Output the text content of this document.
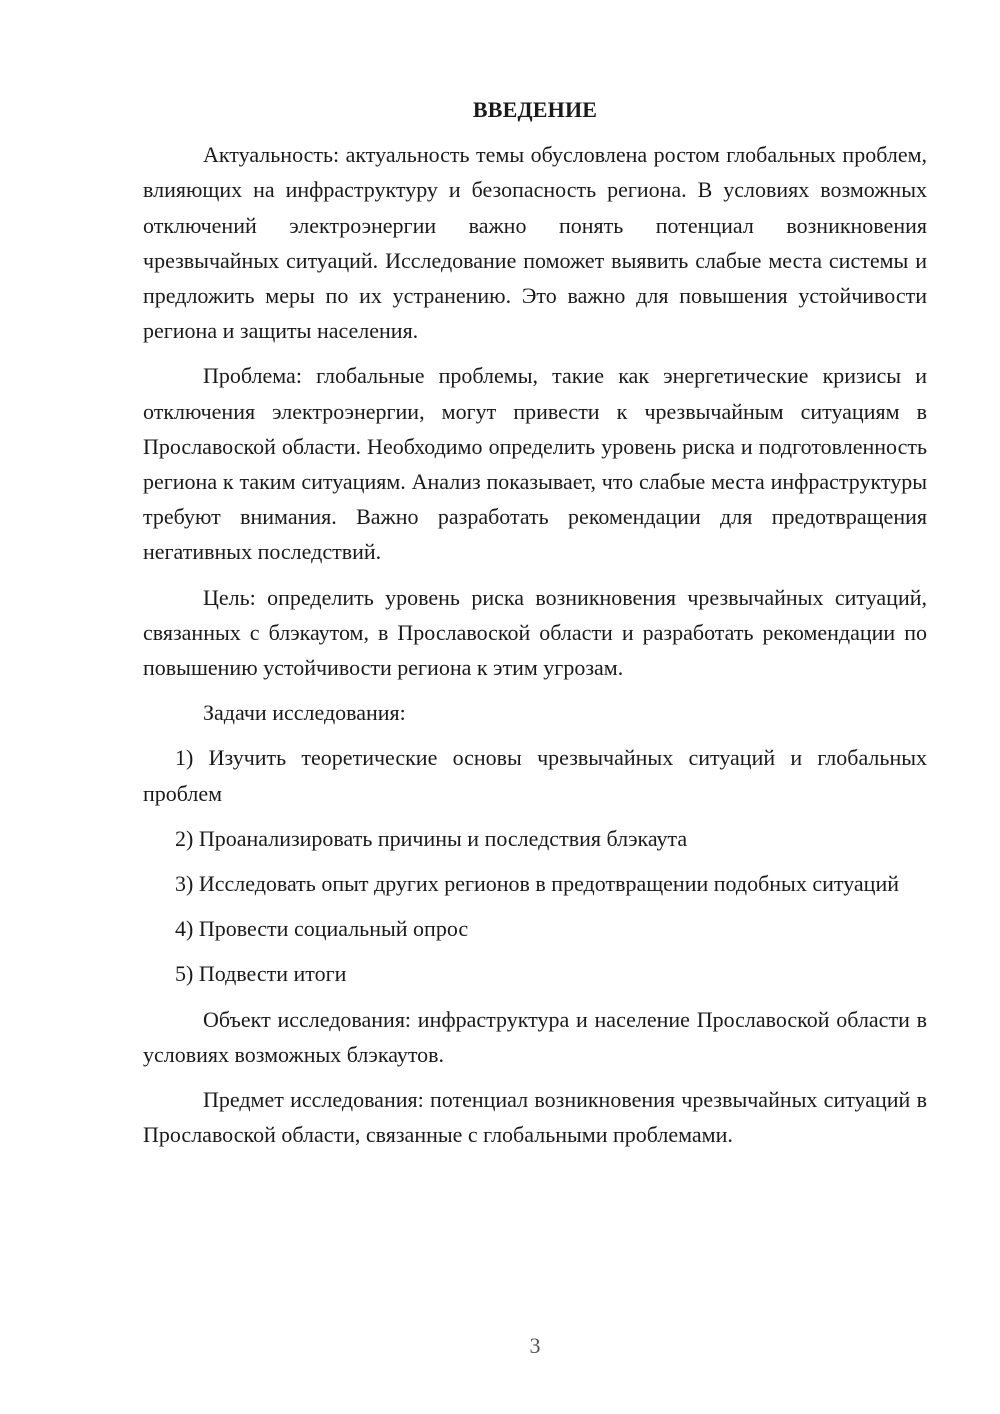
ВВЕДЕНИЕ

Актуальность: актуальность темы обусловлена ростом глобальных проблем, влияющих на инфраструктуру и безопасность региона. В условиях возможных отключений электроэнергии важно понять потенциал возникновения чрезвычайных ситуаций. Исследование поможет выявить слабые места системы и предложить меры по их устранению. Это важно для повышения устойчивости региона и защиты населения.

Проблема: глобальные проблемы, такие как энергетические кризисы и отключения электроэнергии, могут привести к чрезвычайным ситуациям в Прославоской области. Необходимо определить уровень риска и подготовленность региона к таким ситуациям. Анализ показывает, что слабые места инфраструктуры требуют внимания. Важно разработать рекомендации для предотвращения негативных последствий.

Цель: определить уровень риска возникновения чрезвычайных ситуаций, связанных с блэкаутом, в Прославоской области и разработать рекомендации по повышению устойчивости региона к этим угрозам.

Задачи исследования:

1) Изучить теоретические основы чрезвычайных ситуаций и глобальных проблем

2) Проанализировать причины и последствия блэкаута

3) Исследовать опыт других регионов в предотвращении подобных ситуаций

4) Провести социальный опрос

5) Подвести итоги

Объект исследования: инфраструктура и население Прославоской области в условиях возможных блэкаутов.

Предмет исследования: потенциал возникновения чрезвычайных ситуаций в Прославоской области, связанные с глобальными проблемами.

3
